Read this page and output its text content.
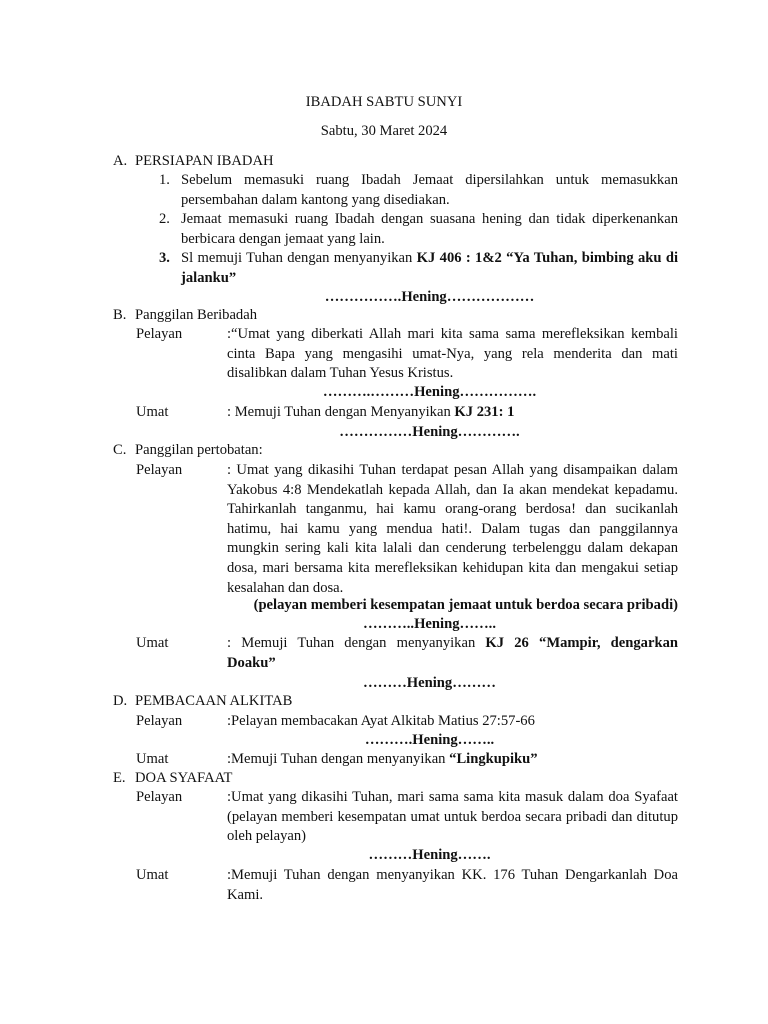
IBADAH SABTU SUNYI
Sabtu, 30 Maret 2024
A. PERSIAPAN IBADAH
1. Sebelum memasuki ruang Ibadah Jemaat dipersilahkan untuk memasukkan persembahan dalam kantong yang disediakan.
2. Jemaat memasuki ruang Ibadah dengan suasana hening dan tidak diperkenankan berbicara dengan jemaat yang lain.
3. Sl memuji Tuhan dengan menyanyikan KJ 406 : 1&2 “Ya Tuhan, bimbing aku di jalanku”
…………….Hening………………
B. Panggilan Beribadah
Pelayan	:“Umat yang diberkati Allah mari kita sama sama merefleksikan kembali cinta Bapa yang mengasihi umat-Nya, yang rela menderita dan mati disalibkan dalam Tuhan Yesus Kristus.
……….………Hening…………….
Umat	: Memuji Tuhan dengan Menyanyikan KJ 231: 1
……………Hening………….
C. Panggilan pertobatan:
Pelayan	: Umat yang dikasihi Tuhan terdapat pesan Allah yang disampaikan dalam Yakobus 4:8 Mendekatlah kepada Allah, dan Ia akan mendekat kepadamu. Tahirkanlah tanganmu, hai kamu orang-orang berdosa! dan sucikanlah hatimu, hai kamu yang mendua hati!. Dalam tugas dan panggilannya mungkin sering kali kita lalali dan cenderung terbelenggu dalam dekapan dosa, mari bersama kita merefleksikan kehidupan kita dan mengakui setiap kesalahan dan dosa.
(pelayan memberi kesempatan jemaat untuk berdoa secara pribadi)
………..Hening……..
Umat	: Memuji Tuhan dengan menyanyikan KJ 26 “Mampir, dengarkan Doaku”
………Hening………
D. PEMBACAAN ALKITAB
Pelayan	:Pelayan membacakan Ayat Alkitab Matius 27:57-66
……….Hening……..
Umat	:Memuji Tuhan dengan menyanyikan “Lingkupiku”
E. DOA SYAFAAT
Pelayan	:Umat yang dikasihi Tuhan, mari sama sama kita masuk dalam doa Syafaat (pelayan memberi kesempatan umat untuk berdoa secara pribadi dan ditutup oleh pelayan)
………Hening…….
Umat	:Memuji Tuhan dengan menyanyikan KK. 176 Tuhan Dengarkanlah Doa Kami.
